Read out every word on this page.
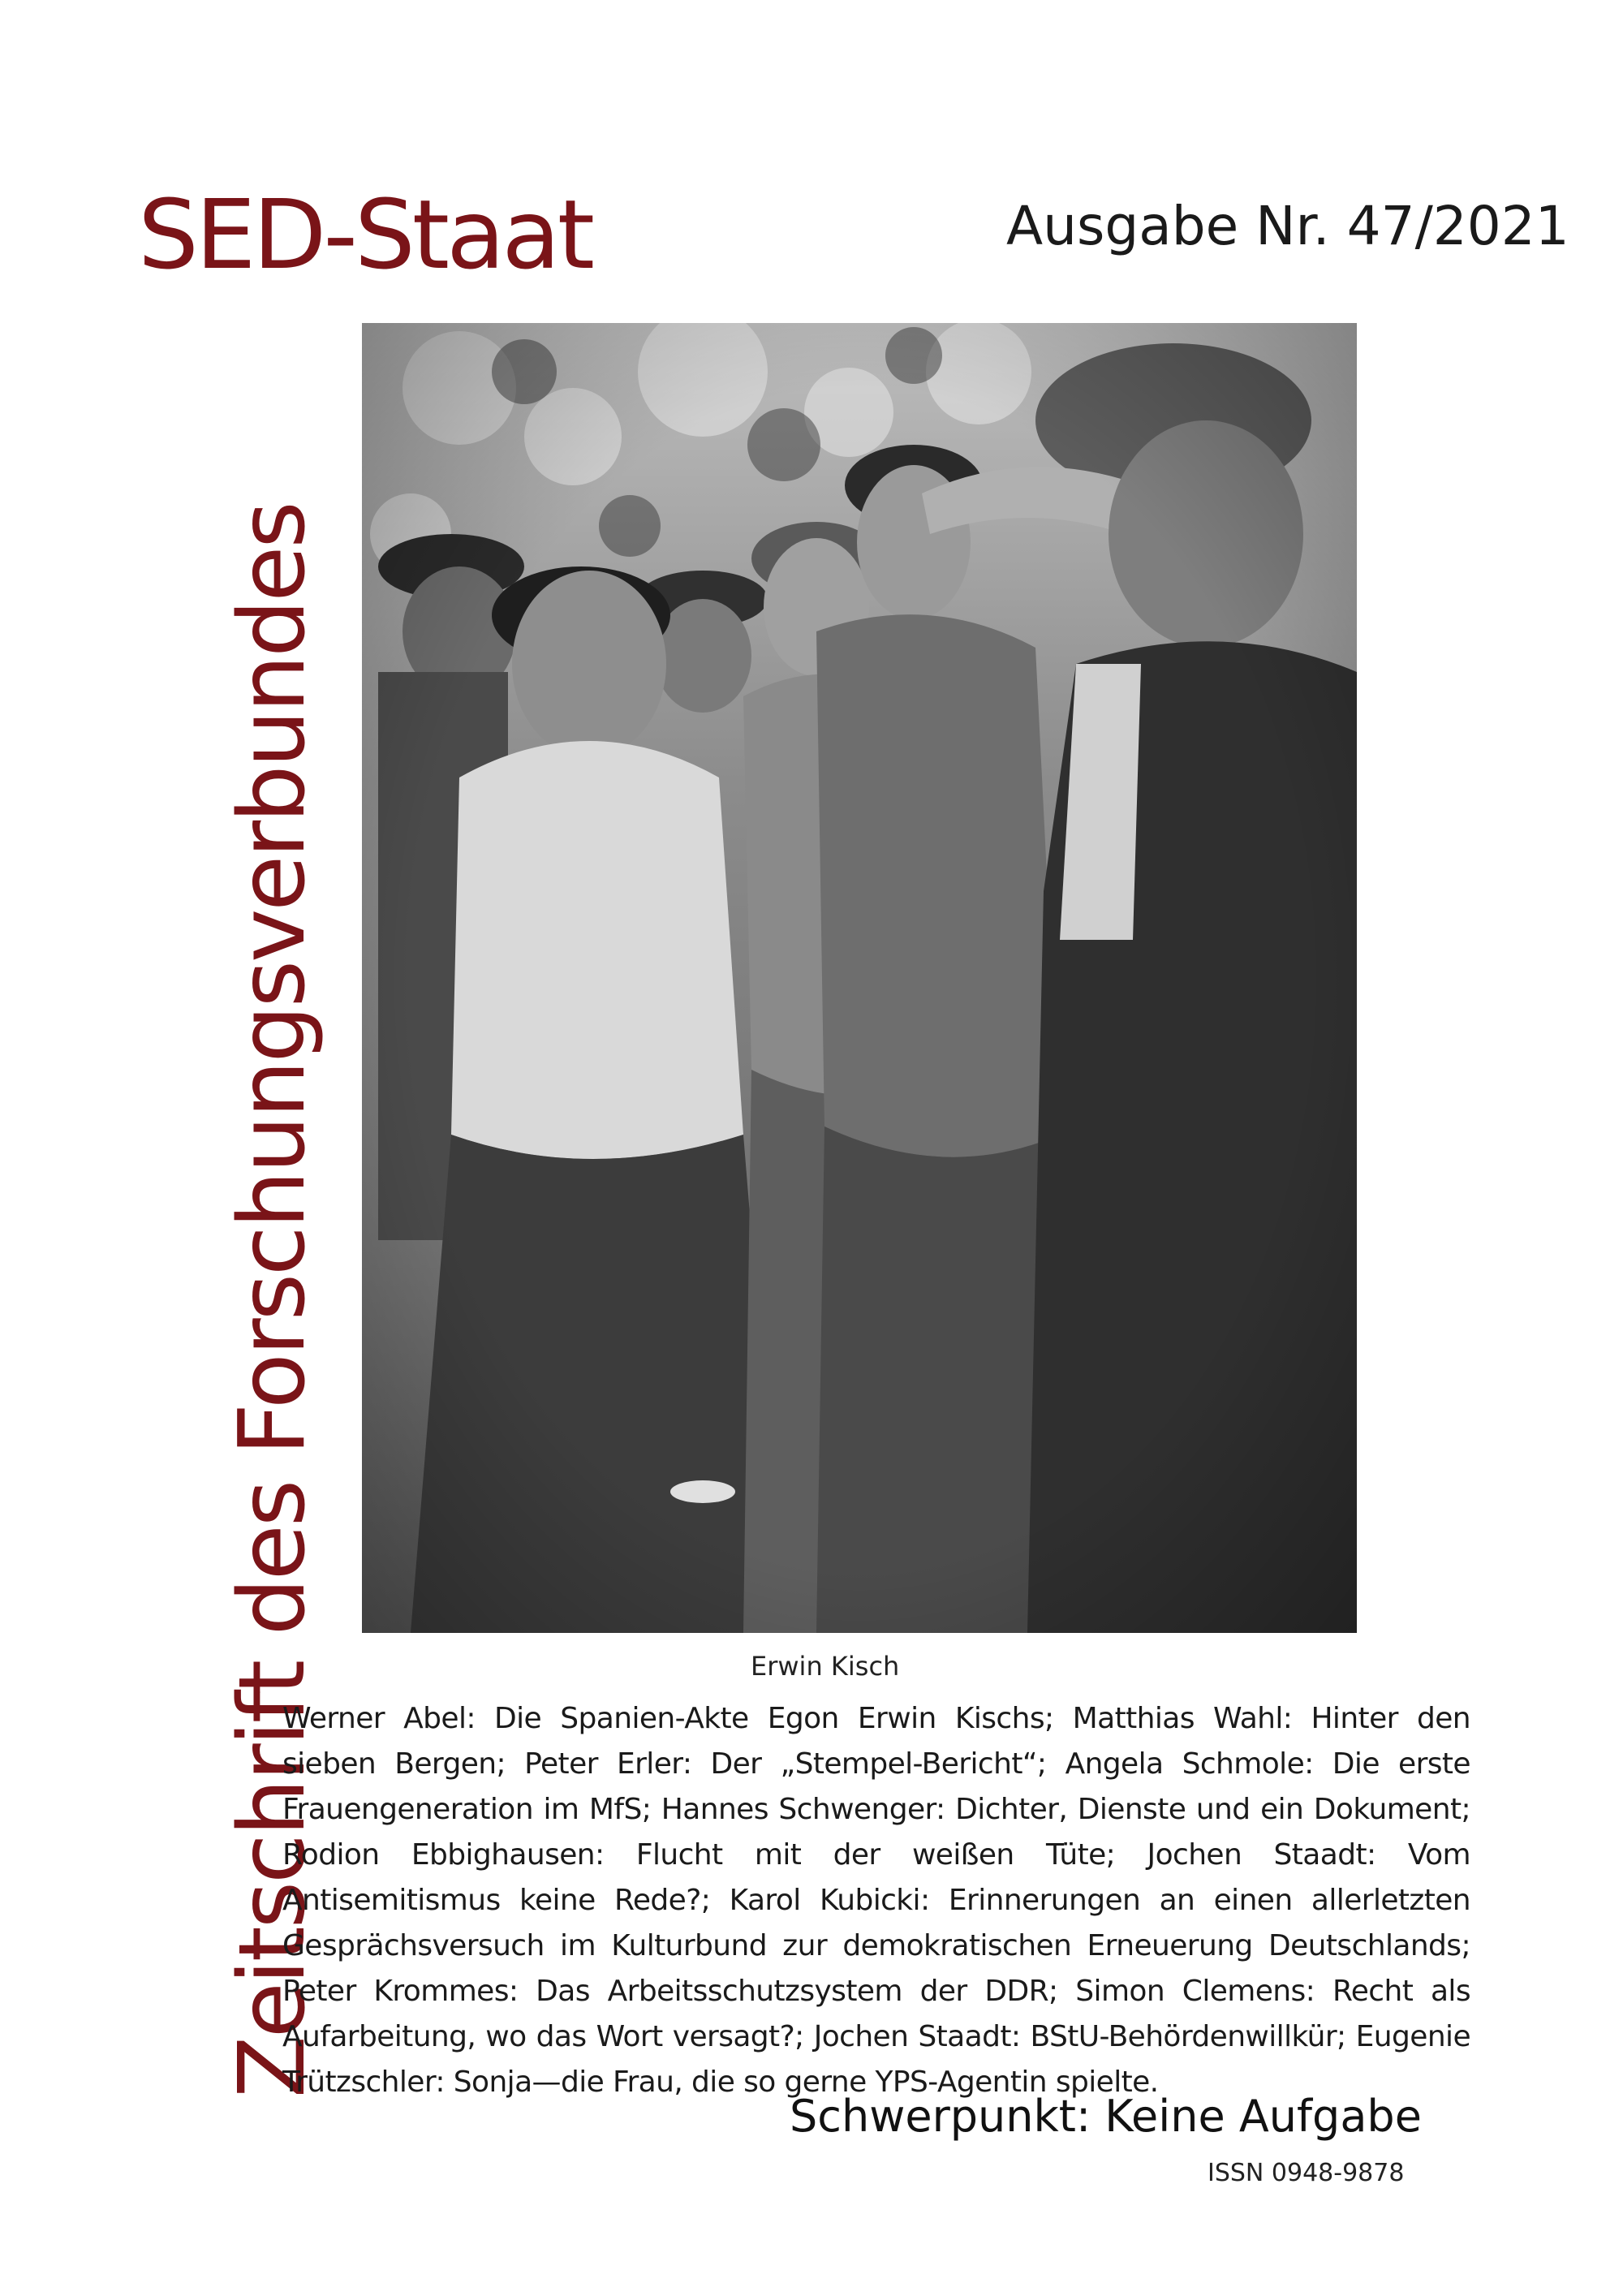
SED-Staat	Ausgabe Nr. 47/2021
Zeitschrift des Forschungsverbundes	Erwin Kisch
Werner Abel: Die Spanien-Akte Egon Erwin Kischs; Matthias Wahl: Hinter den sieben Bergen; Peter Erler: Der „Stempel-Bericht“; Angela Schmole: Die erste Frauengeneration im MfS; Hannes Schwenger: Dichter, Dienste und ein Dokument; Rodion Ebbighausen: Flucht mit der weißen Tüte; Jochen Staadt: Vom Antisemitismus keine Rede?; Karol Kubicki: Erinnerungen an einen allerletzten Gesprächsversuch im Kulturbund zur demokratischen Erneuerung Deutschlands; Peter Krommes: Das Arbeitsschutzsystem der DDR; Simon Clemens: Recht als Aufarbeitung, wo das Wort versagt?; Jochen Staadt: BStU-Behördenwillkür; Eugenie Trützschler: Sonja—die Frau, die so gerne YPS-Agentin spielte.
Schwerpunkt: Keine Aufgabe
ISSN 0948-9878
